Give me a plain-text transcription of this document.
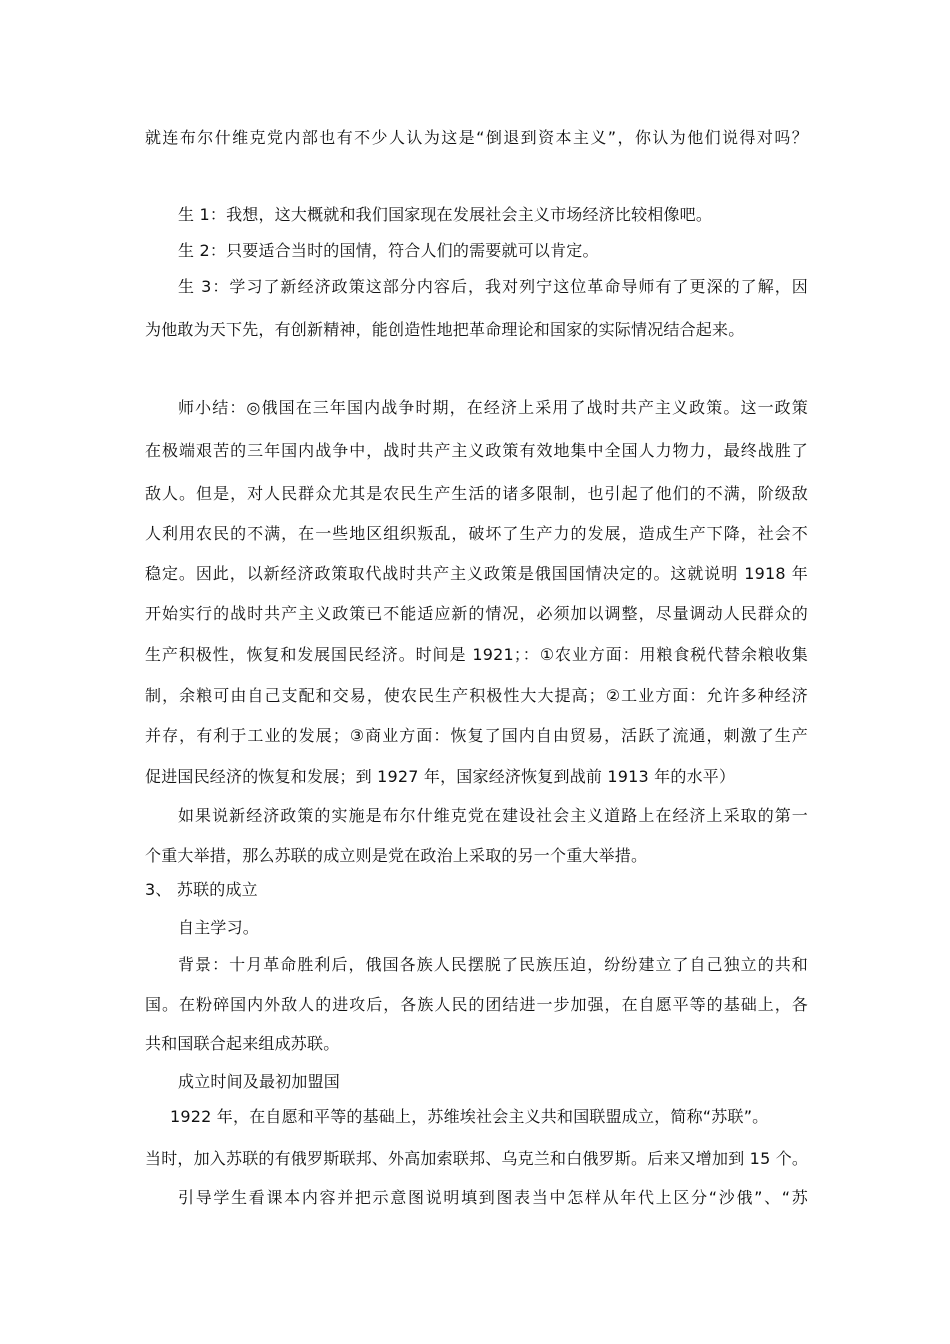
就连布尔什维克党内部也有不少人认为这是“倒退到资本主义”，你认为他们说得对吗？
生 1：我想，这大概就和我们国家现在发展社会主义市场经济比较相像吧。
生 2：只要适合当时的国情，符合人们的需要就可以肯定。
生 3：学习了新经济政策这部分内容后，我对列宁这位革命导师有了更深的了解，因
为他敢为天下先，有创新精神，能创造性地把革命理论和国家的实际情况结合起来。
师小结：◎俄国在三年国内战争时期，在经济上采用了战时共产主义政策。这一政策
在极端艰苦的三年国内战争中，战时共产主义政策有效地集中全国人力物力，最终战胜了
敌人。但是，对人民群众尤其是农民生产生活的诸多限制，也引起了他们的不满，阶级敌
人利用农民的不满，在一些地区组织叛乱，破坏了生产力的发展，造成生产下降，社会不
稳定。因此，以新经济政策取代战时共产主义政策是俄国国情决定的。这就说明 1918 年
开始实行的战时共产主义政策已不能适应新的情况，必须加以调整，尽量调动人民群众的
生产积极性，恢复和发展国民经济。时间是 1921；：①农业方面：用粮食税代替余粮收集
制，余粮可由自己支配和交易，使农民生产积极性大大提高；②工业方面：允许多种经济
并存，有利于工业的发展；③商业方面：恢复了国内自由贸易，活跃了流通，刺激了生产
促进国民经济的恢复和发展；到 1927 年，国家经济恢复到战前 1913 年的水平）
如果说新经济政策的实施是布尔什维克党在建设社会主义道路上在经济上采取的第一
个重大举措，那么苏联的成立则是党在政治上采取的另一个重大举措。
3、 苏联的成立
自主学习。
背景：十月革命胜利后，俄国各族人民摆脱了民族压迫，纷纷建立了自己独立的共和
国。在粉碎国内外敌人的进攻后，各族人民的团结进一步加强，在自愿平等的基础上，各
共和国联合起来组成苏联。
成立时间及最初加盟国
1922 年，在自愿和平等的基础上，苏维埃社会主义共和国联盟成立，简称“苏联”。
当时，加入苏联的有俄罗斯联邦、外高加索联邦、乌克兰和白俄罗斯。后来又增加到 15 个。
引导学生看课本内容并把示意图说明填到图表当中怎样从年代上区分“沙俄”、“苏
